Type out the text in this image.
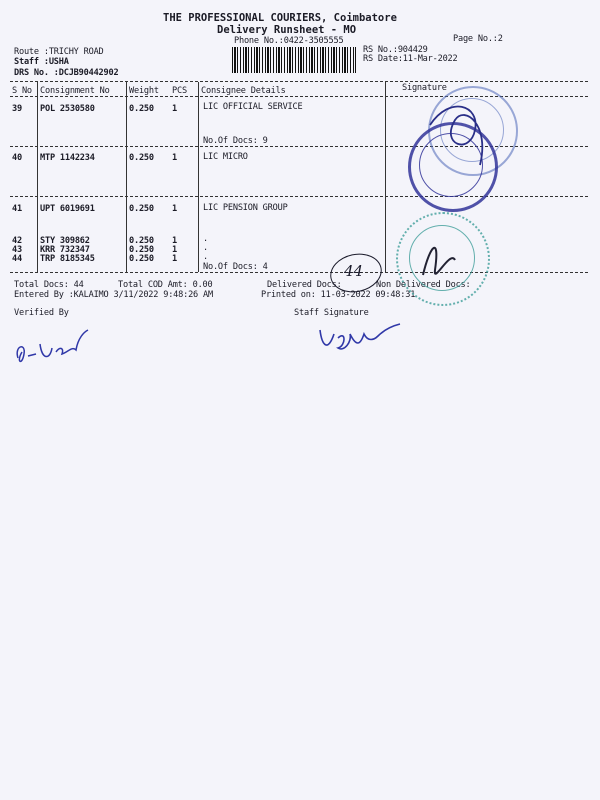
THE PROFESSIONAL COURIERS, Coimbatore
Delivery Runsheet - MO
Phone No.:0422-3505555	Page No.:2
Route :TRICHY ROAD
Staff :USHA
DRS No. :DCJB90442902
RS No.:904429
RS Date:11-Mar-2022
S No Consignment No Weight PCS Consignee Details	Signature
39 POL 2530580	0.250 1	LIC OFFICIAL SERVICE
No.Of Docs: 9
40 MTP 1142234	0.250 1	LIC MICRO
41 UPT 6019691	0.250 1	LIC PENSION GROUP
42 STY 309862	0.250 1	.
43 KRR 732347	0.250 1	.
44 TRP 8185345	0.250 1	.
No.Of Docs: 4
Total Docs: 44	Total COD Amt: 0.00	Delivered Docs:	Non Delivered Docs:
Entered By :KALAIMO 3/11/2022 9:48:26 AM	Printed on: 11-03-2022 09:48:31
Verified By	Staff Signature
44
